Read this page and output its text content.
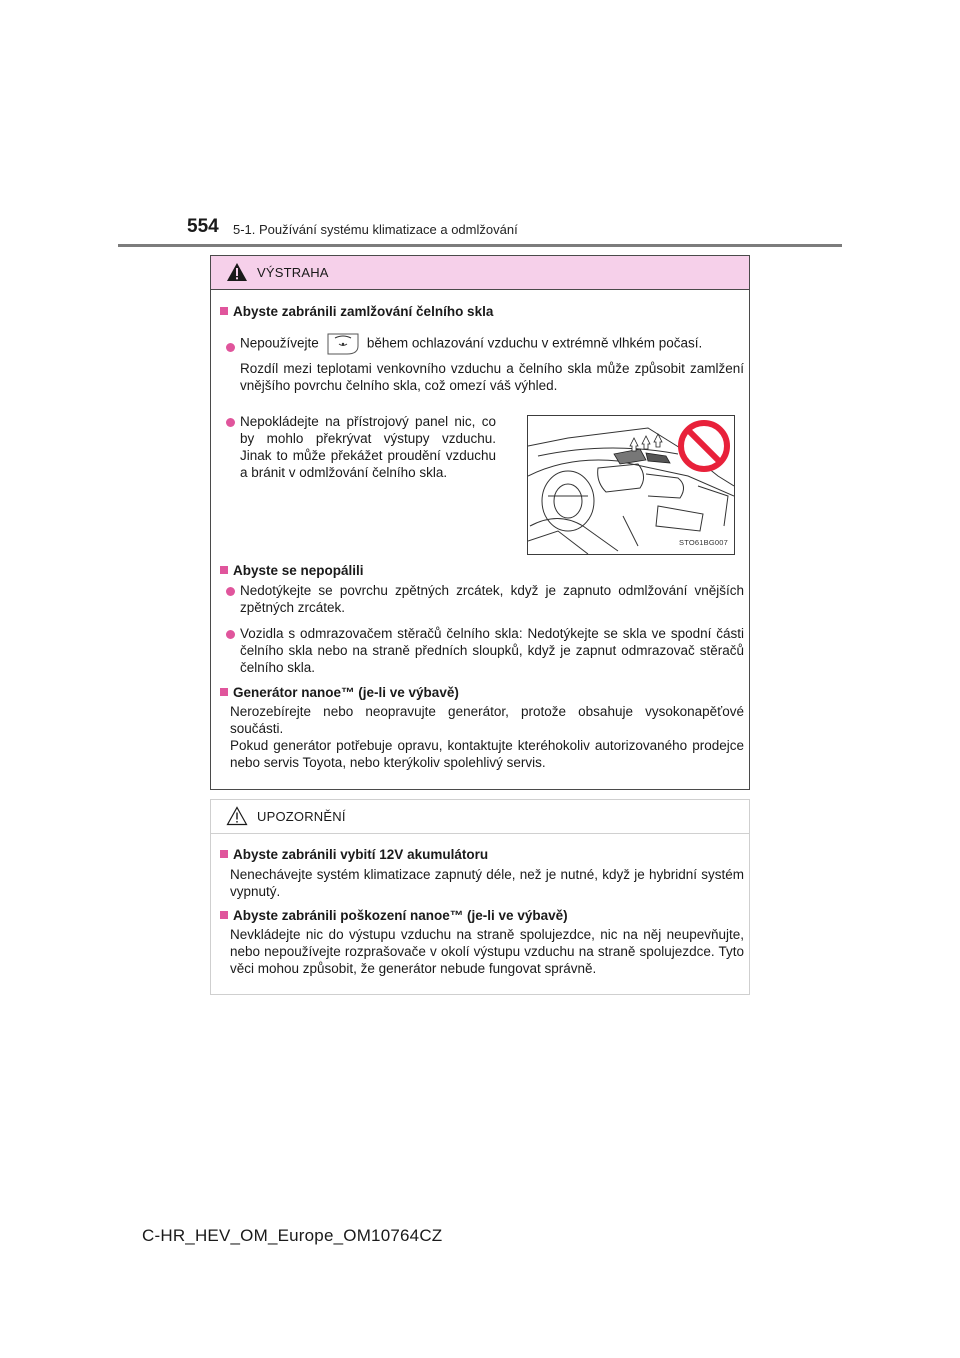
554 5-1. Používání systému klimatizace a odmlžování
VÝSTRAHA
Abyste zabránili zamlžování čelního skla
Nepoužívejte	během ochlazování vzduchu v extrémně vlhkém počasí.
Rozdíl mezi teplotami venkovního vzduchu a čelního skla může způsobit zamlžení vnějšího povrchu čelního skla, což omezí váš výhled.
Nepokládejte na přístrojový panel nic, co by mohlo překrývat výstupy vzduchu. Jinak to může překážet proudění vzduchu a bránit v odmlžování čelního skla.
STO61BG007
Abyste se nepopálili
Nedotýkejte se povrchu zpětných zrcátek, když je zapnuto odmlžování vnějších zpětných zrcátek.
Vozidla s odmrazovačem stěračů čelního skla: Nedotýkejte se skla ve spodní části čelního skla nebo na straně předních sloupků, když je zapnut odmrazovač stěračů čelního skla.
Generátor nanoe™ (je-li ve výbavě)
Nerozebírejte nebo neopravujte generátor, protože obsahuje vysokonapěťové součásti.
Pokud generátor potřebuje opravu, kontaktujte kteréhokoliv autorizovaného prodejce nebo servis Toyota, nebo kterýkoliv spolehlivý servis.
UPOZORNĚNÍ
Abyste zabránili vybití 12V akumulátoru
Nenechávejte systém klimatizace zapnutý déle, než je nutné, když je hybridní systém vypnutý.
Abyste zabránili poškození nanoe™ (je-li ve výbavě)
Nevkládejte nic do výstupu vzduchu na straně spolujezdce, nic na něj neupevňujte, nebo nepoužívejte rozprašovače v okolí výstupu vzduchu na straně spolujezdce. Tyto věci mohou způsobit, že generátor nebude fungovat správně.
C-HR_HEV_OM_Europe_OM10764CZ
